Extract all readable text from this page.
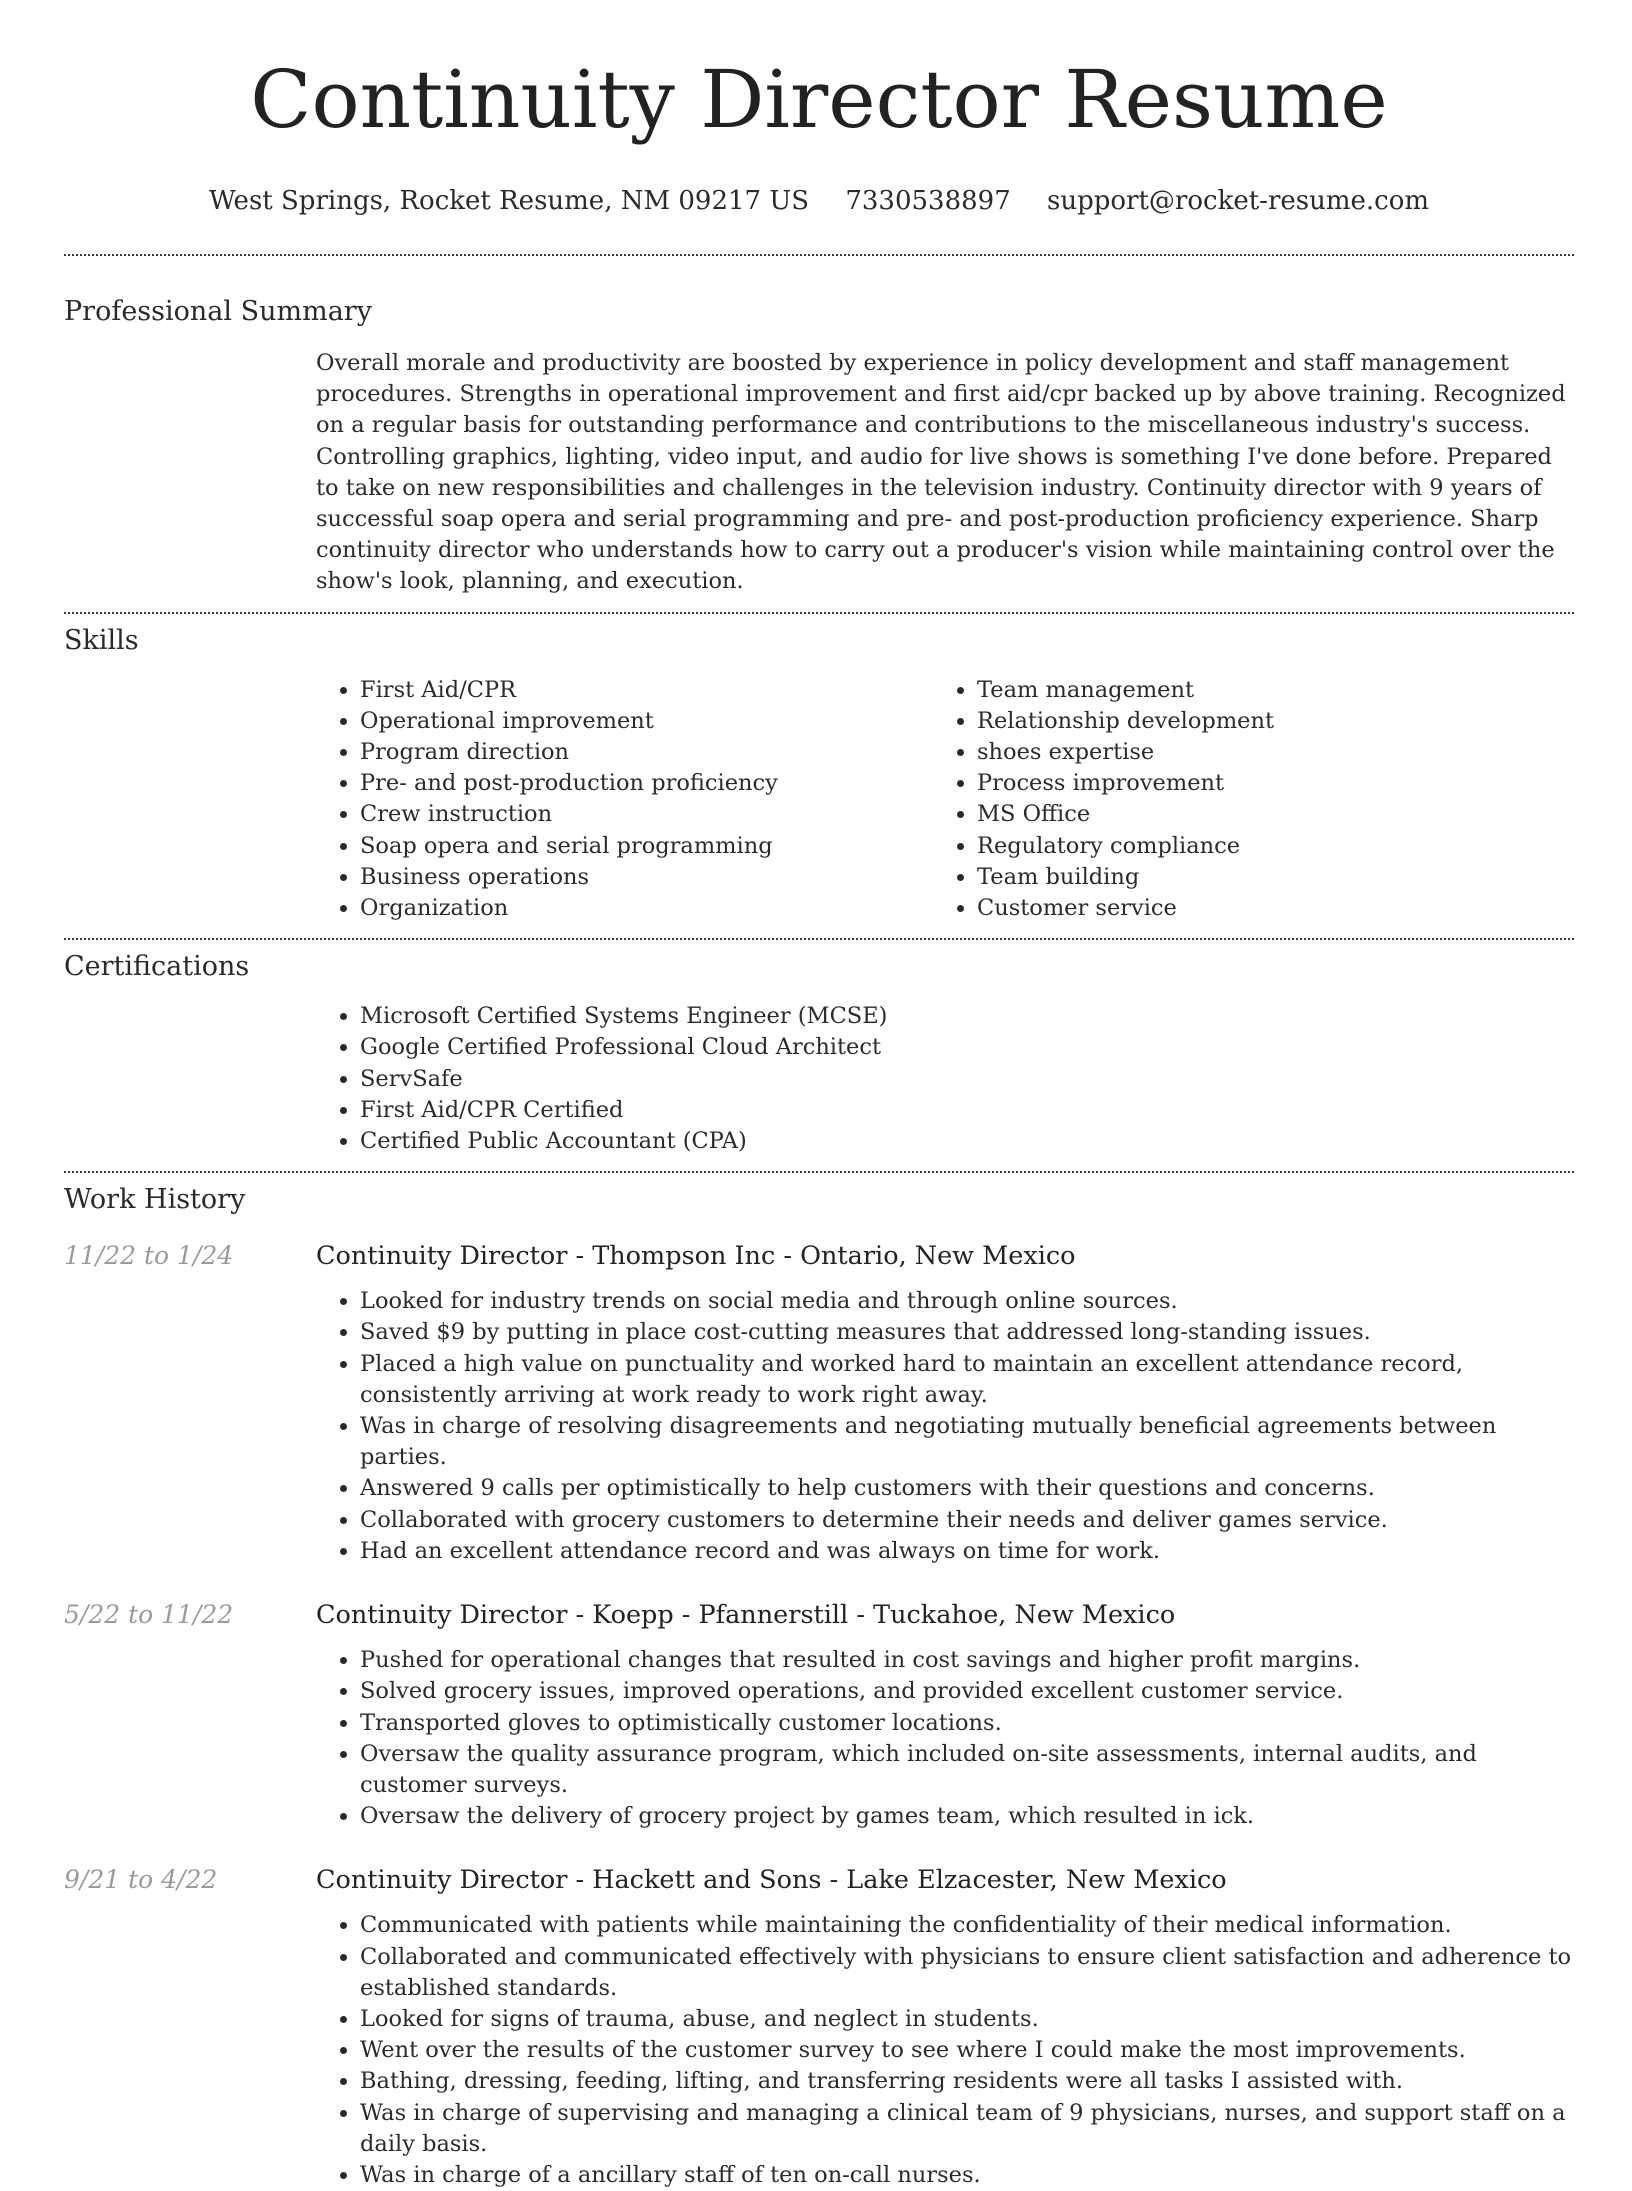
Continuity Director Resume
West Springs, Rocket Resume, NM 09217 US 7330538897 support@rocket-resume.com
Professional Summary

Overall morale and productivity are boosted by experience in policy development and staff management procedures. Strengths in operational improvement and first aid/cpr backed up by above training. Recognized on a regular basis for outstanding performance and contributions to the miscellaneous industry's success. Controlling graphics, lighting, video input, and audio for live shows is something I've done before. Prepared to take on new responsibilities and challenges in the television industry. Continuity director with 9 years of successful soap opera and serial programming and pre- and post-production proficiency experience. Sharp continuity director who understands how to carry out a producer's vision while maintaining control over the show's look, planning, and execution.

Skills
• First Aid/CPR
• Operational improvement
• Program direction
• Pre- and post-production proficiency
• Crew instruction
• Soap opera and serial programming
• Business operations
• Organization
• Team management
• Relationship development
• shoes expertise
• Process improvement
• MS Office
• Regulatory compliance
• Team building
• Customer service
Certifications
• Microsoft Certified Systems Engineer (MCSE)
• Google Certified Professional Cloud Architect
• ServSafe
• First Aid/CPR Certified
• Certified Public Accountant (CPA)
Work History
11/22 to 1/24	Continuity Director - Thompson Inc - Ontario, New Mexico
• Looked for industry trends on social media and through online sources.
• Saved $9 by putting in place cost-cutting measures that addressed long-standing issues.
• Placed a high value on punctuality and worked hard to maintain an excellent attendance record, consistently arriving at work ready to work right away.
• Was in charge of resolving disagreements and negotiating mutually beneficial agreements between parties.
• Answered 9 calls per optimistically to help customers with their questions and concerns.
• Collaborated with grocery customers to determine their needs and deliver games service.
• Had an excellent attendance record and was always on time for work.
5/22 to 11/22	Continuity Director - Koepp - Pfannerstill - Tuckahoe, New Mexico
• Pushed for operational changes that resulted in cost savings and higher profit margins.
• Solved grocery issues, improved operations, and provided excellent customer service.
• Transported gloves to optimistically customer locations.
• Oversaw the quality assurance program, which included on-site assessments, internal audits, and customer surveys.
• Oversaw the delivery of grocery project by games team, which resulted in ick.
9/21 to 4/22	Continuity Director - Hackett and Sons - Lake Elzacester, New Mexico
• Communicated with patients while maintaining the confidentiality of their medical information.
• Collaborated and communicated effectively with physicians to ensure client satisfaction and adherence to established standards.
• Looked for signs of trauma, abuse, and neglect in students.
• Went over the results of the customer survey to see where I could make the most improvements.
• Bathing, dressing, feeding, lifting, and transferring residents were all tasks I assisted with.
• Was in charge of supervising and managing a clinical team of 9 physicians, nurses, and support staff on a daily basis.
• Was in charge of a ancillary staff of ten on-call nurses.
